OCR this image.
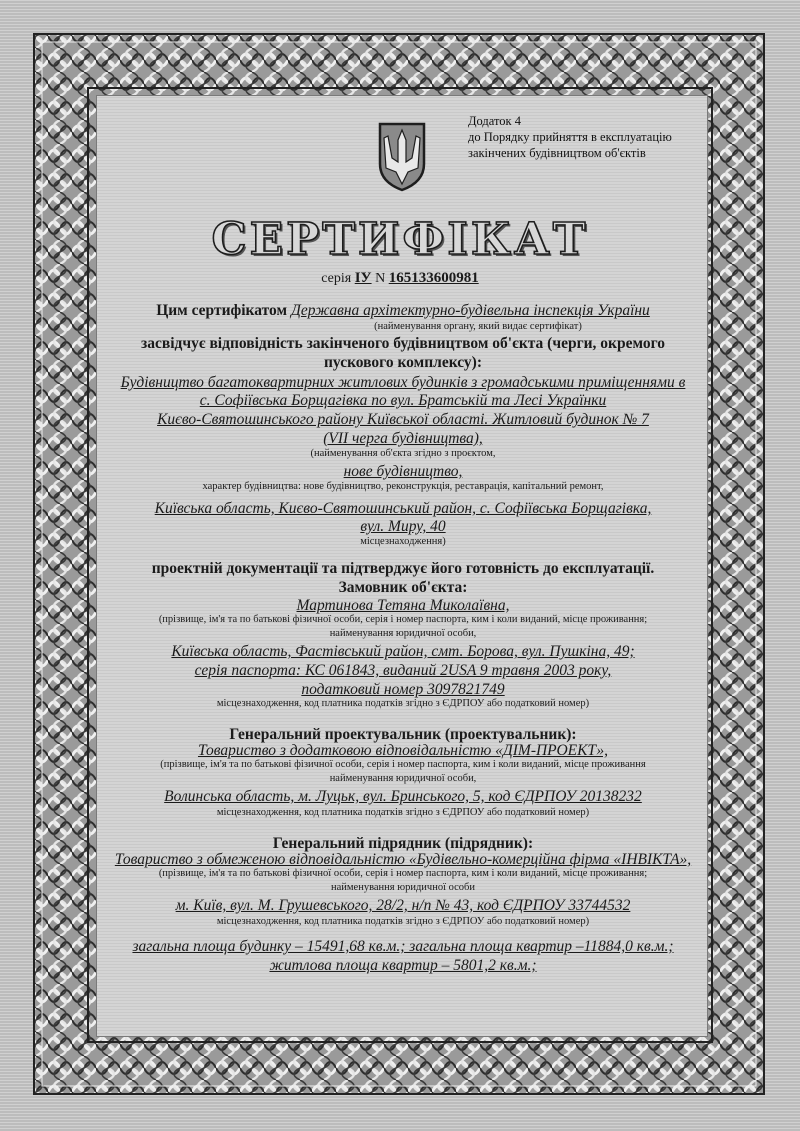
Додаток 4
до Порядку прийняття в експлуатацію
закінчених будівництвом об'єктів
СЕРТИФІКАТ
серія IУ N 165133600981
Цим сертифікатом Державна архітектурно-будівельна інспекція України
(найменування органу, який видає сертифікат)
засвідчує відповідність закінченого будівництвом об'єкта (черги, окремого
пускового комплексу):
Будівництво багатоквартирних житлових будинків з громадськими приміщеннями в
с. Софіївська Борщагівка по вул. Братській та Лесі Українки
Києво-Святошинського району Київської області. Житловий будинок № 7
(VII черга будівництва),
(найменування об'єкта згідно з проєктом,
нове будівництво,
характер будівництва: нове будівництво, реконструкція, реставрація, капітальний ремонт,
Київська область, Києво-Святошинський район, с. Софіївська Борщагівка,
вул. Миру, 40
місцезнаходження)
проектній документації та підтверджує його готовність до експлуатації.
Замовник об'єкта:
Мартинова Тетяна Миколаївна,
(прізвище, ім'я та по батькові фізичної особи, серія і номер паспорта, ким і коли виданий, місце проживання;
найменування юридичної особи,
Київська область, Фастівський район, смт. Борова, вул. Пушкіна, 49;
серія паспорта: КС 061843, виданий 2USA 9 травня 2003 року,
податковий номер 3097821749
місцезнаходження, код платника податків згідно з ЄДРПОУ або податковий номер)
Генеральний проектувальник (проектувальник):
Товариство з додатковою відповідальністю «ДІМ-ПРОЕКТ»,
(прізвище, ім'я та по батькові фізичної особи, серія і номер паспорта, ким і коли виданий, місце проживання
найменування юридичної особи,
Волинська область, м. Луцьк, вул. Бринського, 5, код ЄДРПОУ 20138232
місцезнаходження, код платника податків згідно з ЄДРПОУ або податковий номер)
Генеральний підрядник (підрядник):
Товариство з обмеженою відповідальністю «Будівельно-комерційна фірма «ІНВІКТА»,
(прізвище, ім'я та по батькові фізичної особи, серія і номер паспорта, ким і коли виданий, місце проживання;
найменування юридичної особи
м. Київ, вул. М. Грушевського, 28/2, н/п № 43, код ЄДРПОУ 33744532
місцезнаходження, код платника податків згідно з ЄДРПОУ або податковий номер)
загальна площа будинку – 15491,68 кв.м.; загальна площа квартир –11884,0 кв.м.;
житлова площа квартир – 5801,2 кв.м.;
